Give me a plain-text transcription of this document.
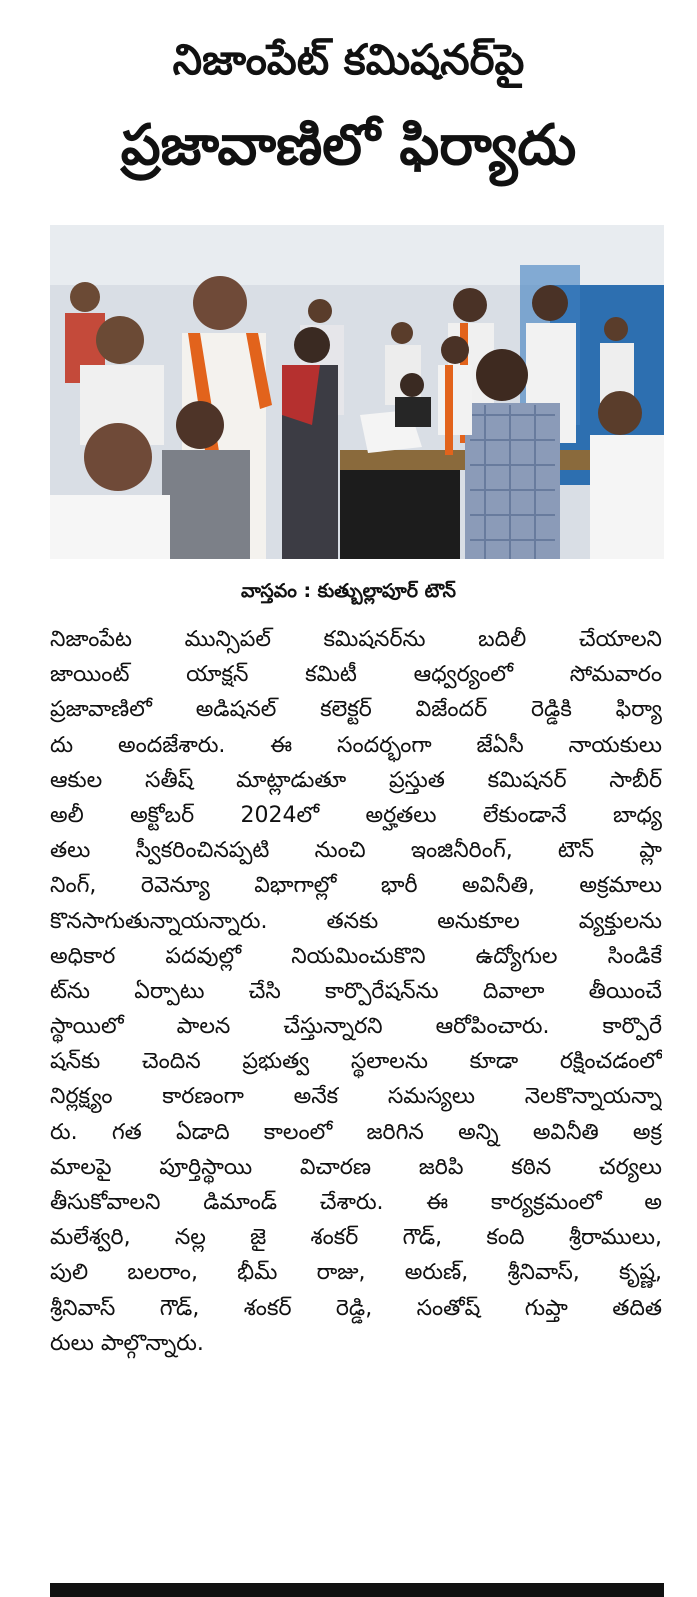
నిజాంపేట్ కమిషనర్‌పై
ప్రజావాణిలో ఫిర్యాదు
వాస్తవం : కుత్బుల్లాపూర్ టౌన్
నిజాంపేట మున్సిపల్ కమిషనర్‌ను బదిలీ చేయాలని
జాయింట్ యాక్షన్ కమిటీ ఆధ్వర్యంలో సోమవారం
ప్రజావాణిలో అడిషనల్ కలెక్టర్ విజేందర్ రెడ్డికి ఫిర్యా
దు అందజేశారు. ఈ సందర్భంగా జేఏసీ నాయకులు
ఆకుల సతీష్ మాట్లాడుతూ ప్రస్తుత కమిషనర్ సాబీర్
అలీ అక్టోబర్ 2024లో అర్హతలు లేకుండానే బాధ్య
తలు స్వీకరించినప్పటి నుంచి ఇంజినీరింగ్, టౌన్ ప్లా
నింగ్, రెవెన్యూ విభాగాల్లో భారీ అవినీతి, అక్రమాలు
కొనసాగుతున్నాయన్నారు. తనకు అనుకూల వ్యక్తులను
అధికార పదవుల్లో నియమించుకొని ఉద్యోగుల సిండికే
ట్‌ను ఏర్పాటు చేసి కార్పొరేషన్‌ను దివాలా తీయించే
స్థాయిలో పాలన చేస్తున్నారని ఆరోపించారు. కార్పొరే
షన్‌కు చెందిన ప్రభుత్వ స్థలాలను కూడా రక్షించడంలో
నిర్లక్ష్యం కారణంగా అనేక సమస్యలు నెలకొన్నాయన్నా
రు. గత ఏడాది కాలంలో జరిగిన అన్ని అవినీతి అక్ర
మాలపై పూర్తిస్థాయి విచారణ జరిపి కఠిన చర్యలు
తీసుకోవాలని డిమాండ్ చేశారు. ఈ కార్యక్రమంలో అ
మలేశ్వరి, నల్ల జై శంకర్ గౌడ్, కంది శ్రీరాములు,
పులి బలరాం, భీమ్ రాజు, అరుణ్, శ్రీనివాస్, కృష్ణ,
శ్రీనివాస్ గౌడ్, శంకర్ రెడ్డి, సంతోష్ గుప్తా తదిత
రులు పాల్గొన్నారు.
